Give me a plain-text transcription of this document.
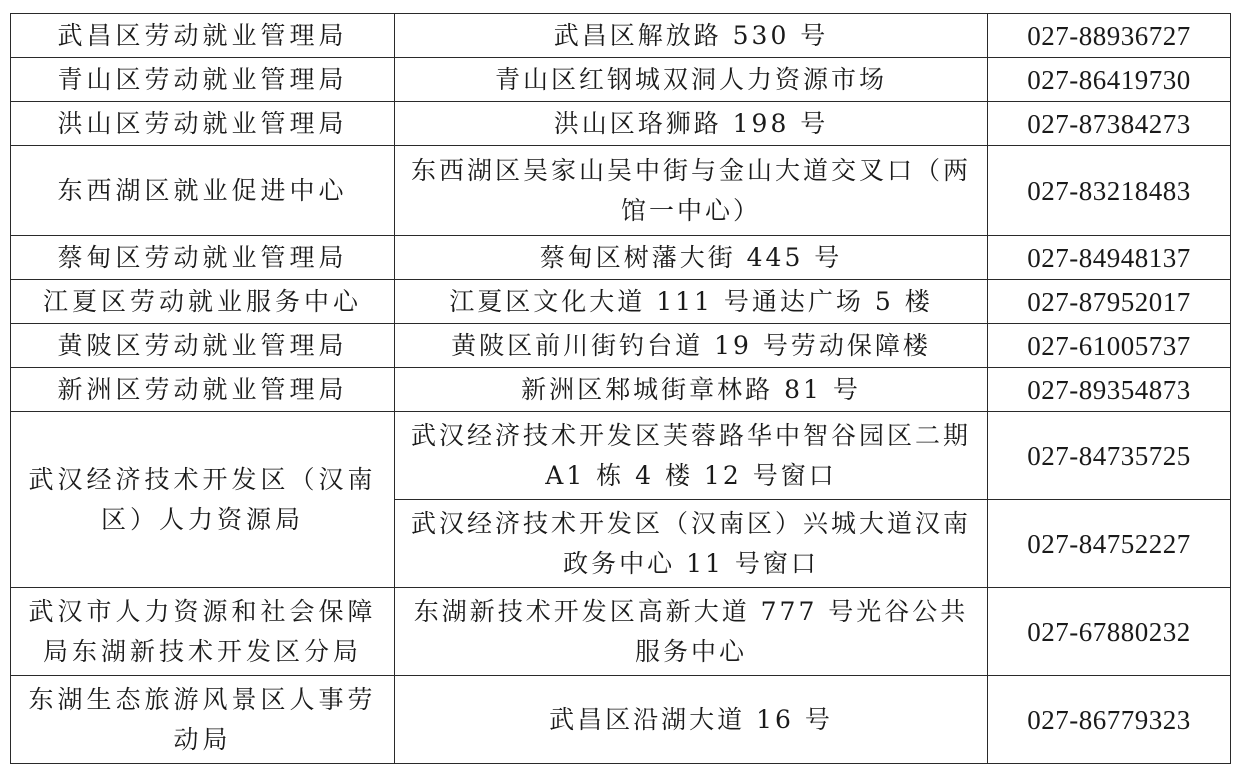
武昌区劳动就业管理局	武昌区解放路 530 号	027-88936727
青山区劳动就业管理局	青山区红钢城双洞人力资源市场	027-86419730
洪山区劳动就业管理局	洪山区珞狮路 198 号	027-87384273
东西湖区就业促进中心	东西湖区吴家山吴中街与金山大道交叉口（两馆一中心）	027-83218483
蔡甸区劳动就业管理局	蔡甸区树藩大街 445 号	027-84948137
江夏区劳动就业服务中心	江夏区文化大道 111 号通达广场 5 楼	027-87952017
黄陂区劳动就业管理局	黄陂区前川街钓台道 19 号劳动保障楼	027-61005737
新洲区劳动就业管理局	新洲区邾城街章林路 81 号	027-89354873
武汉经济技术开发区（汉南区）人力资源局	武汉经济技术开发区芙蓉路华中智谷园区二期 A1 栋 4 楼 12 号窗口	027-84735725
	武汉经济技术开发区（汉南区）兴城大道汉南政务中心 11 号窗口	027-84752227
武汉市人力资源和社会保障局东湖新技术开发区分局	东湖新技术开发区高新大道 777 号光谷公共服务中心	027-67880232
东湖生态旅游风景区人事劳动局	武昌区沿湖大道 16 号	027-86779323
